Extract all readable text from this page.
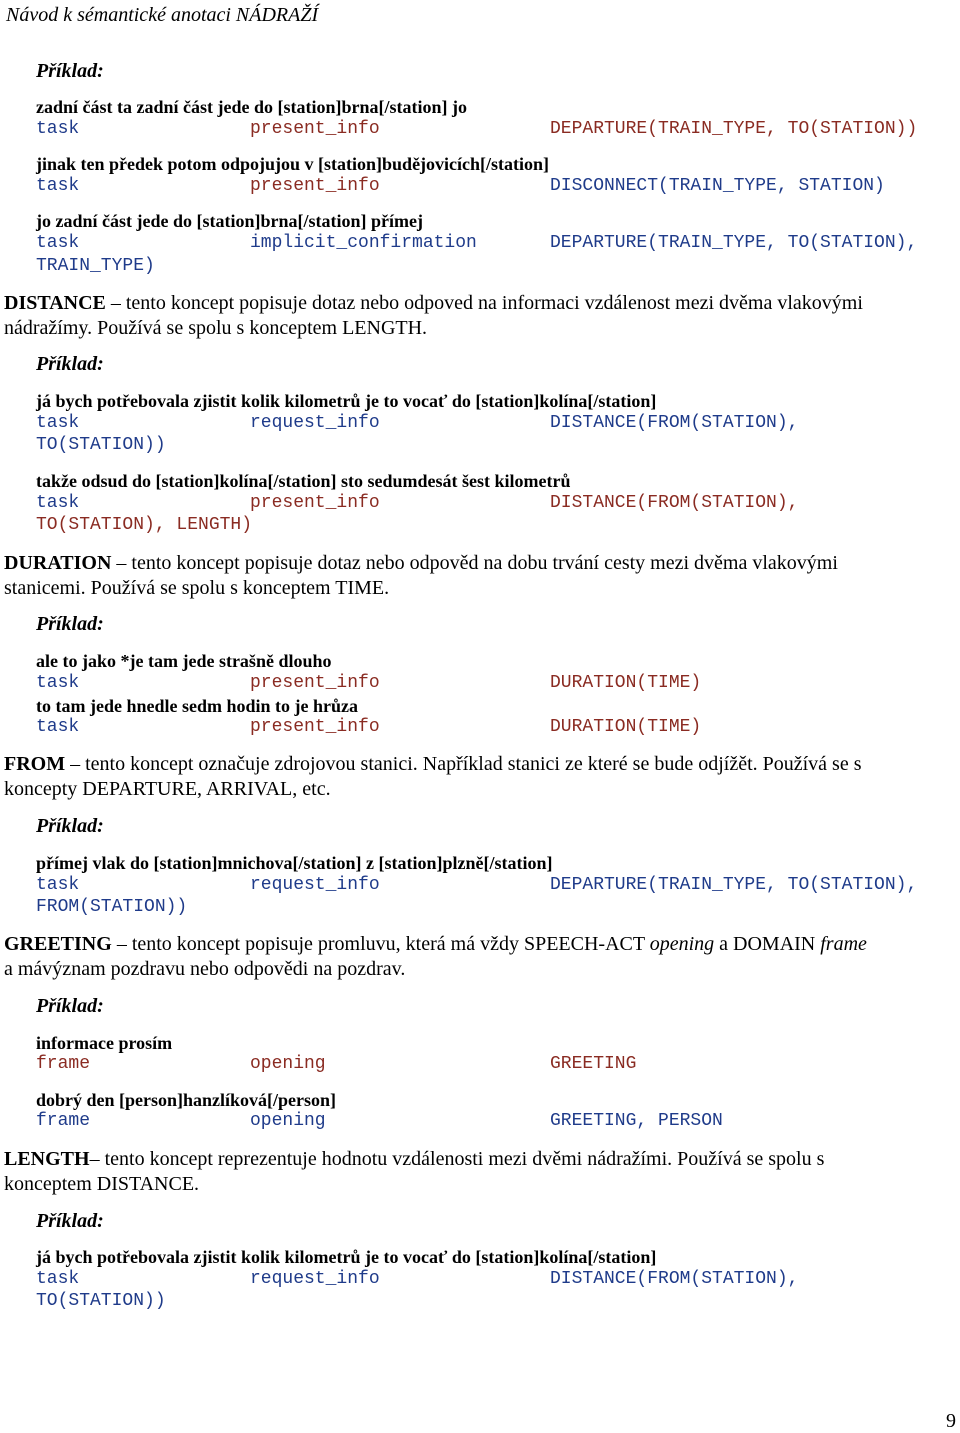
Návod k sémantické anotaci NÁDRAŽÍ
Příklad:
zadní část ta zadní část jede do [station]brna[/station] jo
task	present_info	DEPARTURE(TRAIN_TYPE, TO(STATION))
jinak ten předek potom odpojujou v [station]budějovicích[/station]
task	present_info	DISCONNECT(TRAIN_TYPE, STATION)
jo zadní část jede do [station]brna[/station] přímej
task	implicit_confirmation	DEPARTURE(TRAIN_TYPE, TO(STATION),
TRAIN_TYPE)
DISTANCE – tento koncept popisuje dotaz nebo odpoved na informaci vzdálenost mezi dvěma vlakovými
nádražímy. Používá se spolu s konceptem LENGTH.
Příklad:
já bych potřebovala zjistit kolik kilometrů je to vocať do [station]kolína[/station]
task	request_info	DISTANCE(FROM(STATION),
TO(STATION))
takže odsud do [station]kolína[/station] sto sedumdesát šest kilometrů
task	present_info	DISTANCE(FROM(STATION),
TO(STATION), LENGTH)
DURATION – tento koncept popisuje dotaz nebo odpověd na dobu trvání cesty mezi dvěma vlakovými
stanicemi. Používá se spolu s konceptem TIME.
Příklad:
ale to jako *je tam jede strašně dlouho
task	present_info	DURATION(TIME)
to tam jede hnedle sedm hodin to je hrůza
task	present_info	DURATION(TIME)
FROM – tento koncept označuje zdrojovou stanici. Například stanici ze které se bude odjížět. Používá se s
koncepty DEPARTURE, ARRIVAL, etc.
Příklad:
přímej vlak do [station]mnichova[/station] z [station]plzně[/station]
task	request_info	DEPARTURE(TRAIN_TYPE, TO(STATION),
FROM(STATION))
GREETING – tento koncept popisuje promluvu, která má vždy SPEECH-ACT opening a DOMAIN frame
a mávýznam pozdravu nebo odpovědi na pozdrav.
Příklad:
informace prosím
frame	opening	GREETING
dobrý den [person]hanzlíková[/person]
frame	opening	GREETING, PERSON
LENGTH– tento koncept reprezentuje hodnotu vzdálenosti mezi dvěmi nádražími. Používá se spolu s
konceptem DISTANCE.
Příklad:
já bych potřebovala zjistit kolik kilometrů je to vocať do [station]kolína[/station]
task	request_info	DISTANCE(FROM(STATION),
TO(STATION))
9
